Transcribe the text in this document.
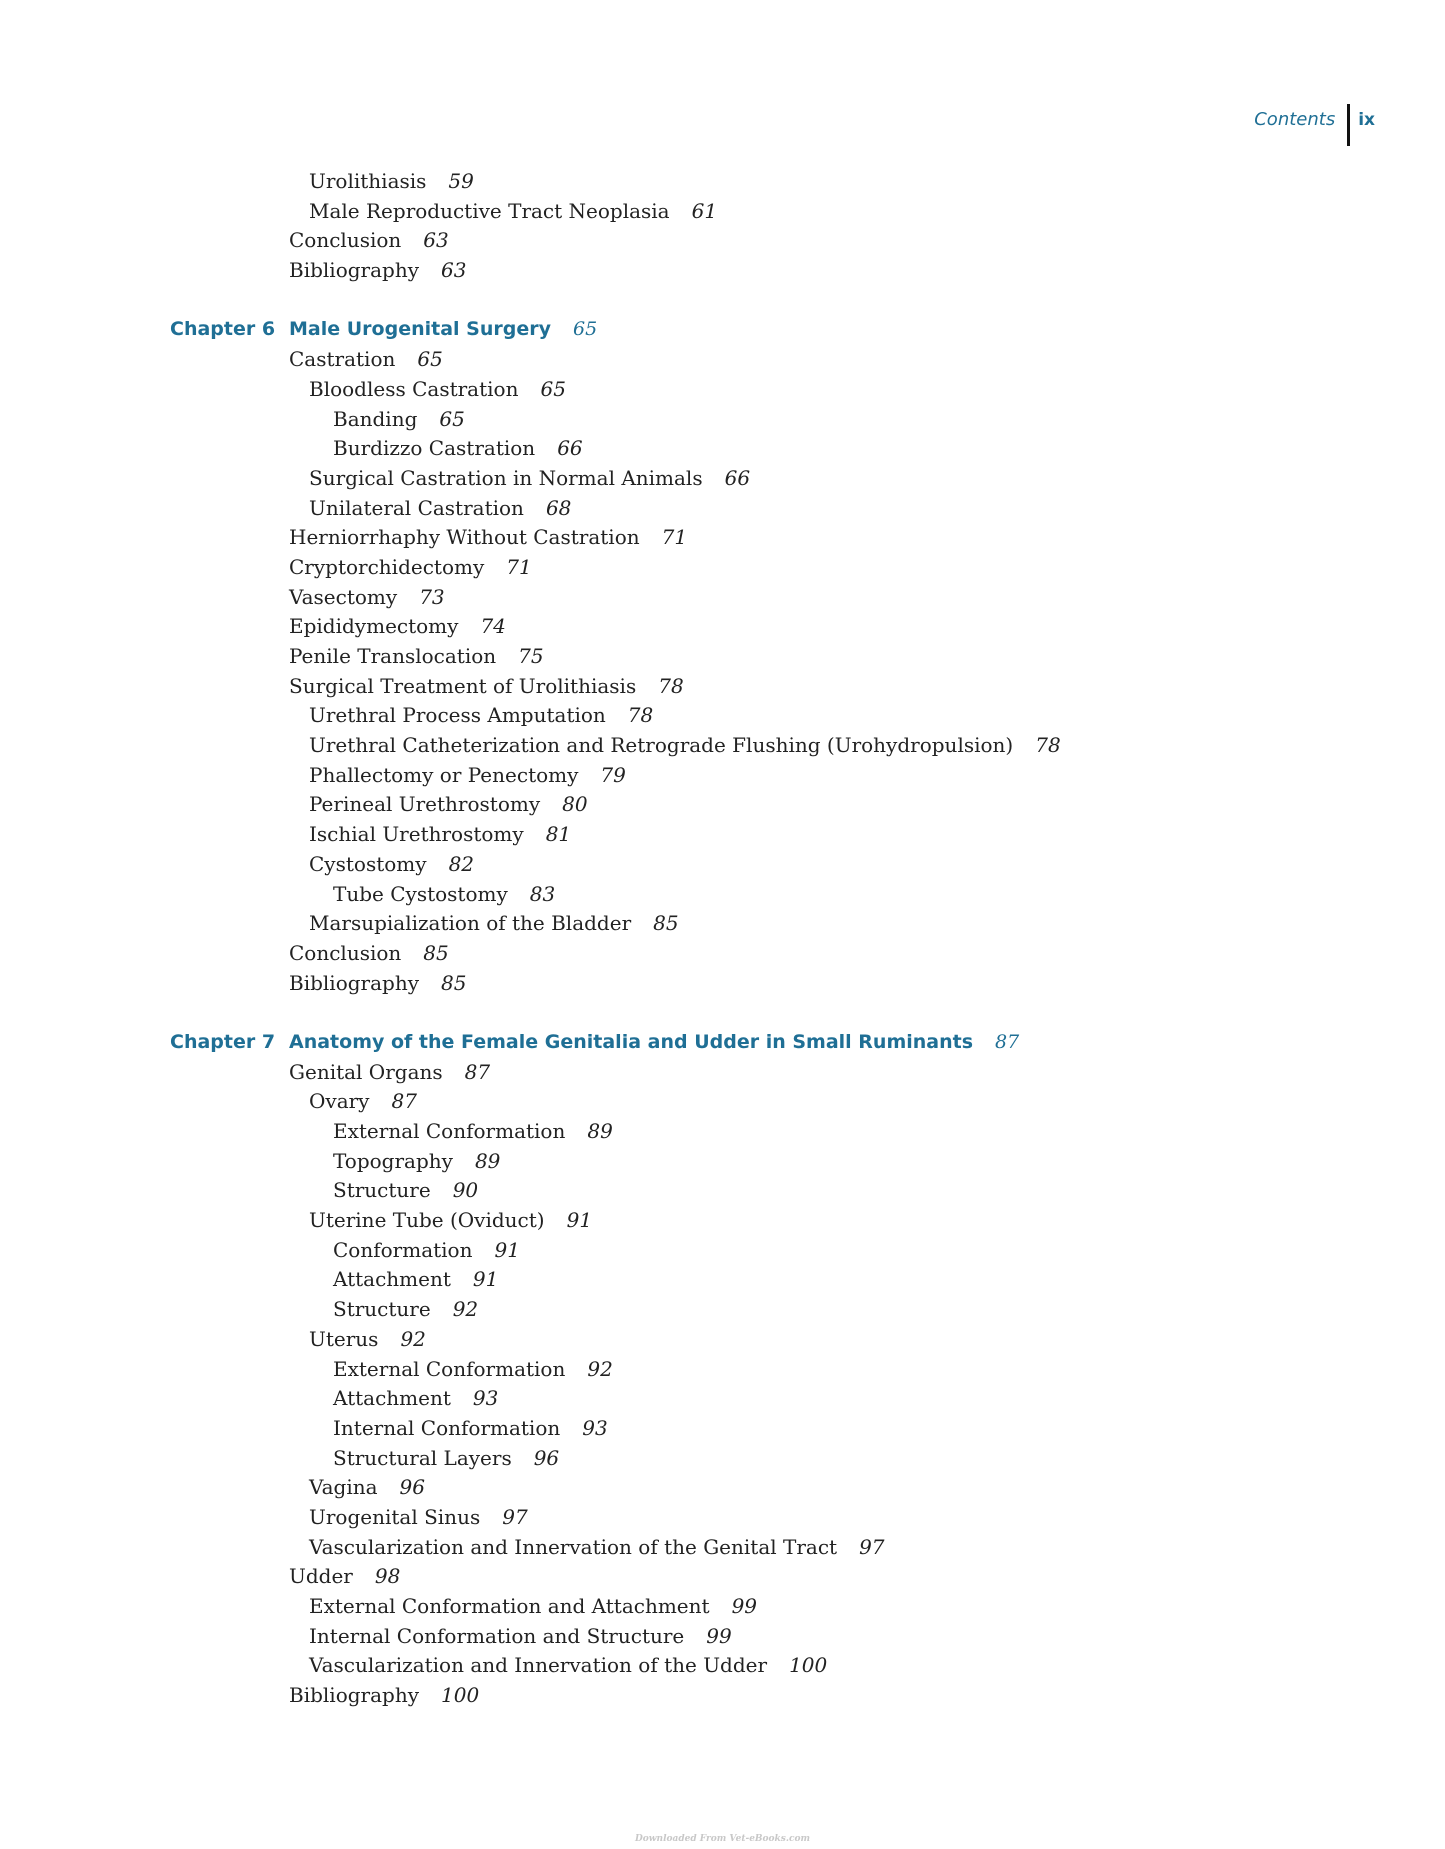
Contents	ix
Urolithiasis 59
Male Reproductive Tract Neoplasia 61
Conclusion 63
Bibliography 63
Chapter 6 Male Urogenital Surgery 65
Castration 65
Bloodless Castration 65
Banding 65
Burdizzo Castration 66
Surgical Castration in Normal Animals 66
Unilateral Castration 68
Herniorrhaphy Without Castration 71
Cryptorchidectomy 71
Vasectomy 73
Epididymectomy 74
Penile Translocation 75
Surgical Treatment of Urolithiasis 78
Urethral Process Amputation 78
Urethral Catheterization and Retrograde Flushing (Urohydropulsion) 78
Phallectomy or Penectomy 79
Perineal Urethrostomy 80
Ischial Urethrostomy 81
Cystostomy 82
Tube Cystostomy 83
Marsupialization of the Bladder 85
Conclusion 85
Bibliography 85
Chapter 7 Anatomy of the Female Genitalia and Udder in Small Ruminants 87
Genital Organs 87
Ovary 87
External Conformation 89
Topography 89
Structure 90
Uterine Tube (Oviduct) 91
Conformation 91
Attachment 91
Structure 92
Uterus 92
External Conformation 92
Attachment 93
Internal Conformation 93
Structural Layers 96
Vagina 96
Urogenital Sinus 97
Vascularization and Innervation of the Genital Tract 97
Udder 98
External Conformation and Attachment 99
Internal Conformation and Structure 99
Vascularization and Innervation of the Udder 100
Bibliography 100
Downloaded From Vet-eBooks.com
